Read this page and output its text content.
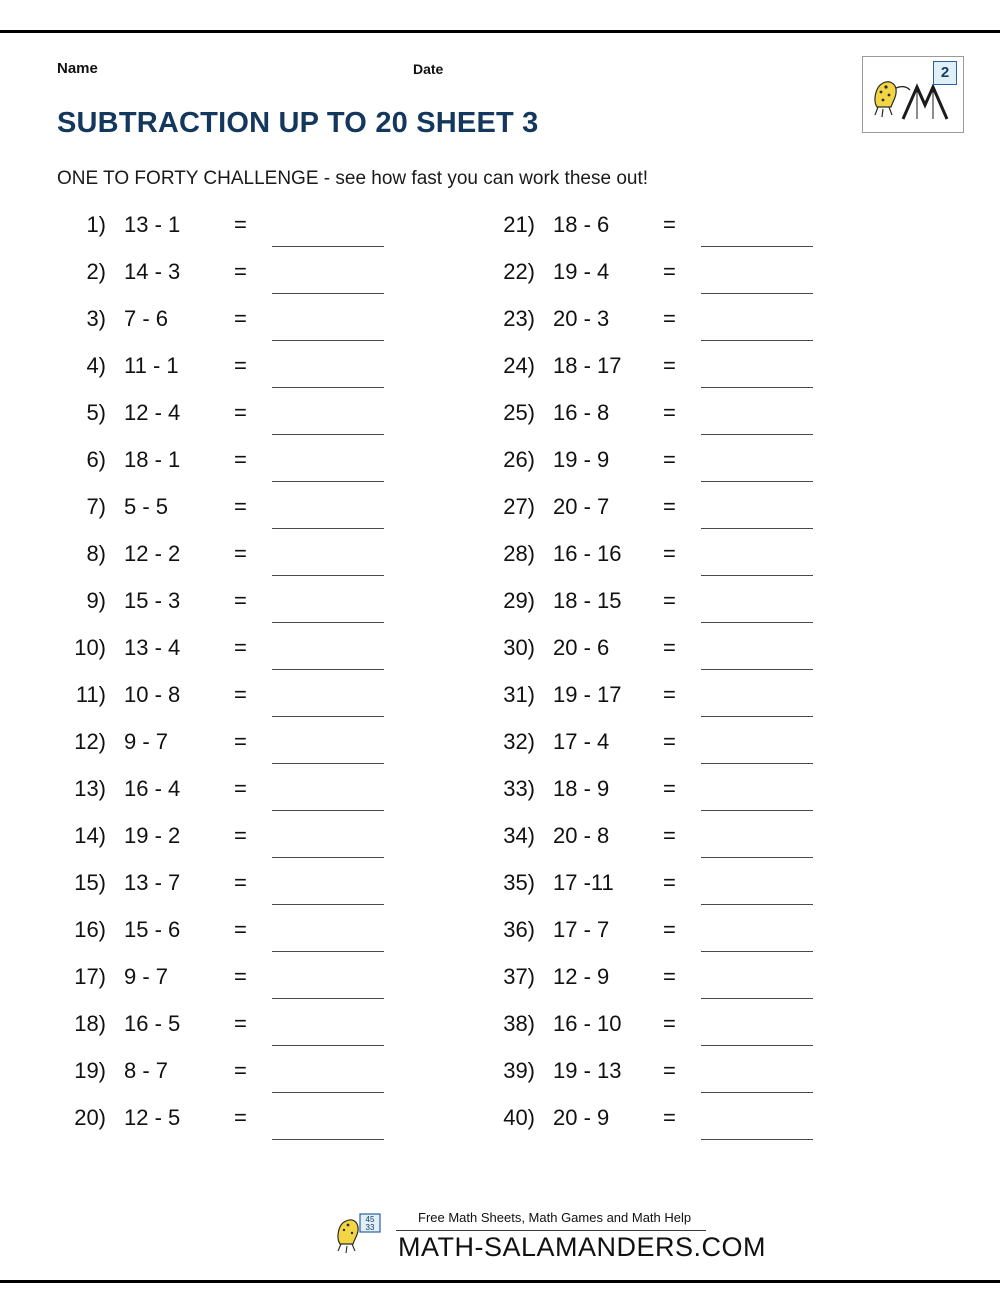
Name	Date	2
SUBTRACTION UP TO 20 SHEET 3
ONE TO FORTY CHALLENGE - see how fast you can work these out!
1) 13 - 1	=
2) 14 - 3	=
3) 7 - 6	=
4) 11 - 1	=
5) 12 - 4	=
6) 18 - 1	=
7) 5 - 5	=
8) 12 - 2	=
9) 15 - 3	=
10) 13 - 4	=
11) 10 - 8	=
12) 9 - 7	=
13) 16 - 4	=
14) 19 - 2	=
15) 13 - 7	=
16) 15 - 6	=
17) 9 - 7	=
18) 16 - 5	=
19) 8 - 7	=
20) 12 - 5	=
21) 18 - 6	=
22) 19 - 4	=
23) 20 - 3	=
24) 18 - 17	=
25) 16 - 8	=
26) 19 - 9	=
27) 20 - 7	=
28) 16 - 16	=
29) 18 - 15	=
30) 20 - 6	=
31) 19 - 17	=
32) 17 - 4	=
33) 18 - 9	=
34) 20 - 8	=
35) 17 -11	=
36) 17 - 7	=
37) 12 - 9	=
38) 16 - 10	=
39) 19 - 13	=
40) 20 - 9	=
45
33
Free Math Sheets, Math Games and Math Help
MATH-SALAMANDERS.COM
